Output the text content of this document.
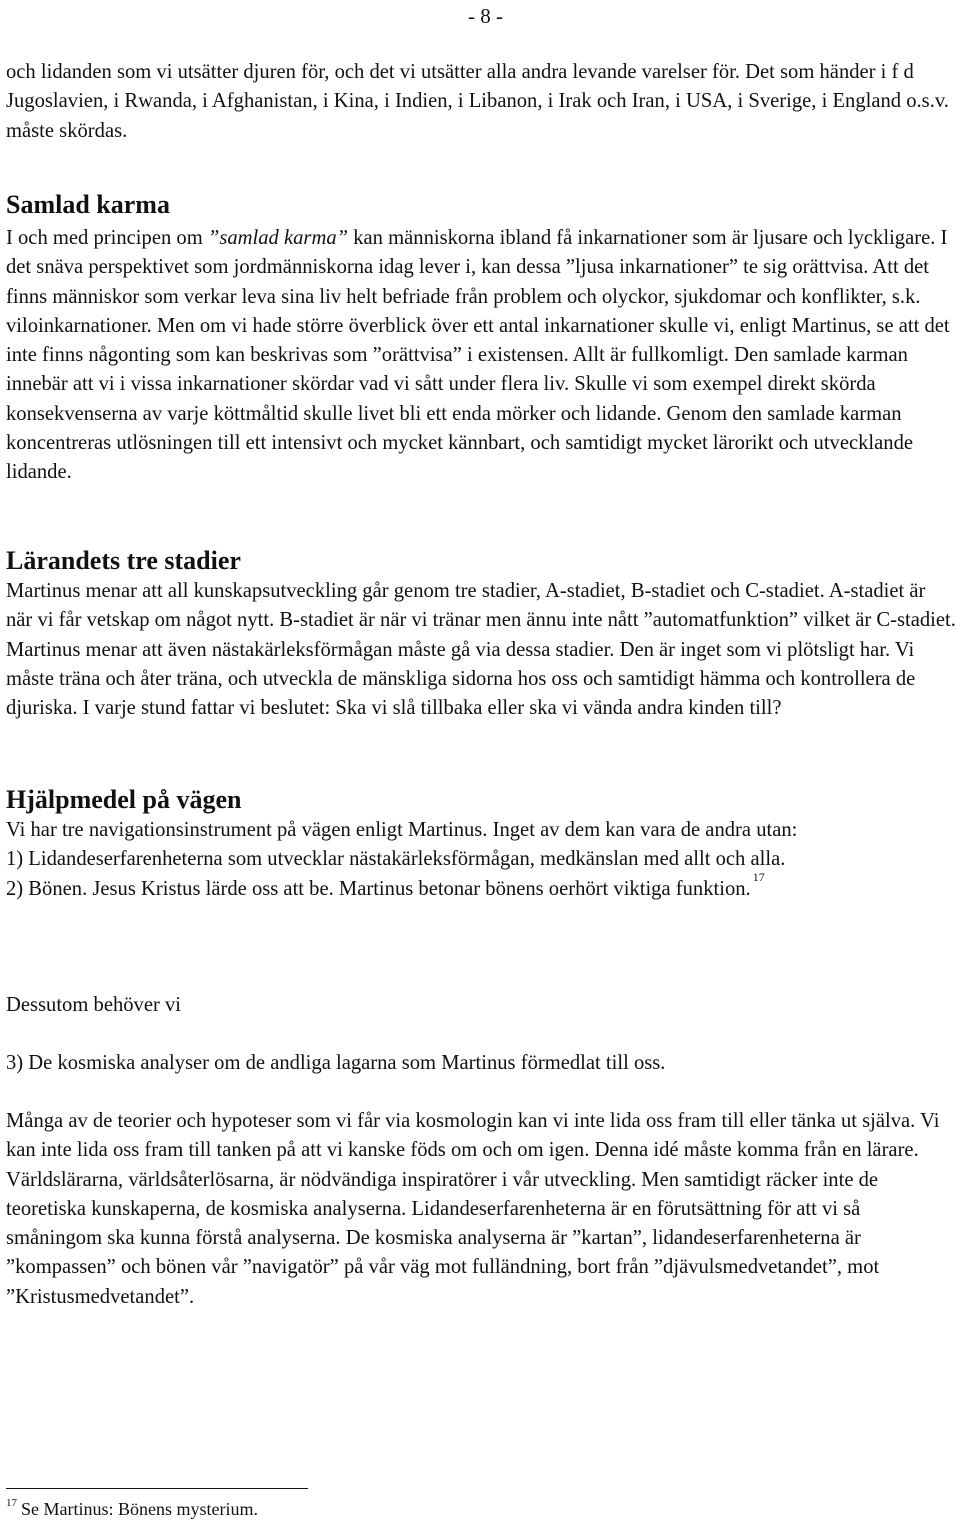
- 8 -

och lidanden som vi utsätter djuren för, och det vi utsätter alla andra levande varelser för. Det som händer i f d Jugoslavien, i Rwanda, i Afghanistan, i Kina, i Indien, i Libanon, i Irak och Iran, i USA, i Sverige, i England o.s.v. måste skördas.

Samlad karma

I och med principen om ”samlad karma” kan människorna ibland få inkarnationer som är ljusare och lyckligare. I det snäva perspektivet som jordmänniskorna idag lever i, kan dessa ”ljusa inkarnationer” te sig orättvisa. Att det finns människor som verkar leva sina liv helt befriade från problem och olyckor, sjukdomar och konflikter, s.k. viloinkarnationer. Men om vi hade större överblick över ett antal inkarnationer skulle vi, enligt Martinus, se att det inte finns någonting som kan beskrivas som ”orättvisa” i existensen. Allt är fullkomligt. Den samlade karman innebär att vi i vissa inkarnationer skördar vad vi sått under flera liv. Skulle vi som exempel direkt skörda konsekvenserna av varje köttmåltid skulle livet bli ett enda mörker och lidande. Genom den samlade karman koncentreras utlösningen till ett intensivt och mycket kännbart, och samtidigt mycket lärorikt och utvecklande lidande.

Lärandets tre stadier

Martinus menar att all kunskapsutveckling går genom tre stadier, A-stadiet, B-stadiet och C-stadiet. A-stadiet är när vi får vetskap om något nytt. B-stadiet är när vi tränar men ännu inte nått ”automatfunktion” vilket är C-stadiet. Martinus menar att även nästakärleksförmågan måste gå via dessa stadier. Den är inget som vi plötsligt har. Vi måste träna och åter träna, och utveckla de mänskliga sidorna hos oss och samtidigt hämma och kontrollera de djuriska. I varje stund fattar vi beslutet: Ska vi slå tillbaka eller ska vi vända andra kinden till?

Hjälpmedel på vägen

Vi har tre navigationsinstrument på vägen enligt Martinus. Inget av dem kan vara de andra utan:

1) Lidandeserfarenheterna som utvecklar nästakärleksförmågan, medkänslan med allt och alla.

2) Bönen. Jesus Kristus lärde oss att be. Martinus betonar bönens oerhört viktiga funktion.$^{17}$

Dessutom behöver vi

3) De kosmiska analyser om de andliga lagarna som Martinus förmedlat till oss.

Många av de teorier och hypoteser som vi får via kosmologin kan vi inte lida oss fram till eller tänka ut själva. Vi kan inte lida oss fram till tanken på att vi kanske föds om och om igen. Denna idé måste komma från en lärare. Världslärarna, världsåterlösarna, är nödvändiga inspiratörer i vår utveckling. Men samtidigt räcker inte de teoretiska kunskaperna, de kosmiska analyserna. Lidandeserfarenheterna är en förutsättning för att vi så småningom ska kunna förstå analyserna. De kosmiska analyserna är ”kartan”, lidandeserfarenheterna är ”kompassen” och bönen vår ”navigatör” på vår väg mot fulländning, bort från ”djävulsmedvetandet”, mot ”Kristusmedvetandet”.

$^{17}$ Se Martinus: Bönens mysterium.
